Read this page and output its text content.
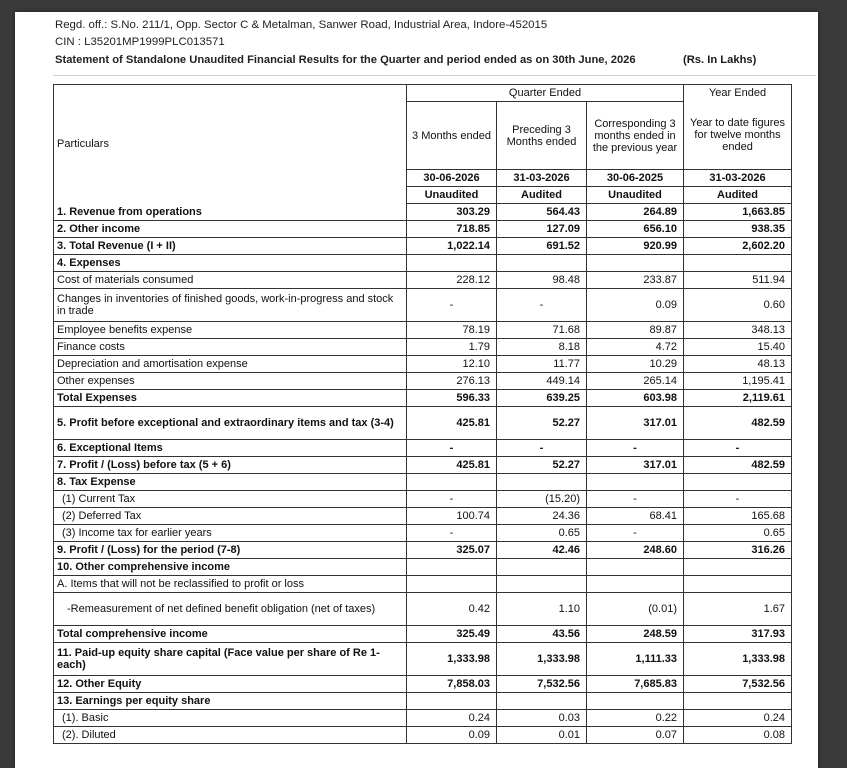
Regd. off.: S.No. 211/1, Opp. Sector C & Metalman, Sanwer Road, Industrial Area, Indore-452015
CIN : L35201MP1999PLC013571
Statement of Standalone Unaudited Financial Results for the Quarter and period ended as on 30th June, 2026	(Rs. In Lakhs)
Particulars	Quarter Ended			Year Ended
	3 Months ended	Preceding 3 Months ended	Corresponding 3 months ended in the previous year	Year to date figures for twelve months ended
	30-06-2026	31-03-2026	30-06-2025	31-03-2026
	Unaudited	Audited	Unaudited	Audited
1. Revenue from operations	303.29	564.43	264.89	1,663.85
2. Other income	718.85	127.09	656.10	938.35
3. Total Revenue (I + II)	1,022.14	691.52	920.99	2,602.20
4. Expenses				
Cost of materials consumed	228.12	98.48	233.87	511.94
Changes in inventories of finished goods, work-in-progress and stock in trade	-	-	0.09	0.60
Employee benefits expense	78.19	71.68	89.87	348.13
Finance costs	1.79	8.18	4.72	15.40
Depreciation and amortisation expense	12.10	11.77	10.29	48.13
Other expenses	276.13	449.14	265.14	1,195.41
Total Expenses	596.33	639.25	603.98	2,119.61
5. Profit before exceptional and extraordinary items and tax (3-4)	425.81	52.27	317.01	482.59
6. Exceptional Items	-	-	-	-
7. Profit / (Loss) before tax (5 + 6)	425.81	52.27	317.01	482.59
8. Tax Expense				
(1) Current Tax	-	(15.20)	-	-
(2) Deferred Tax	100.74	24.36	68.41	165.68
(3) Income tax for earlier years	-	0.65	-	0.65
9. Profit / (Loss) for the period (7-8)	325.07	42.46	248.60	316.26
10. Other comprehensive income				
A. Items that will not be reclassified to profit or loss				
-Remeasurement of net defined benefit obligation (net of taxes)	0.42	1.10	(0.01)	1.67
Total comprehensive income	325.49	43.56	248.59	317.93
11. Paid-up equity share capital (Face value per share of Re 1-each)	1,333.98	1,333.98	1,111.33	1,333.98
12. Other Equity	7,858.03	7,532.56	7,685.83	7,532.56
13. Earnings per equity share				
(1). Basic	0.24	0.03	0.22	0.24
(2). Diluted	0.09	0.01	0.07	0.08
